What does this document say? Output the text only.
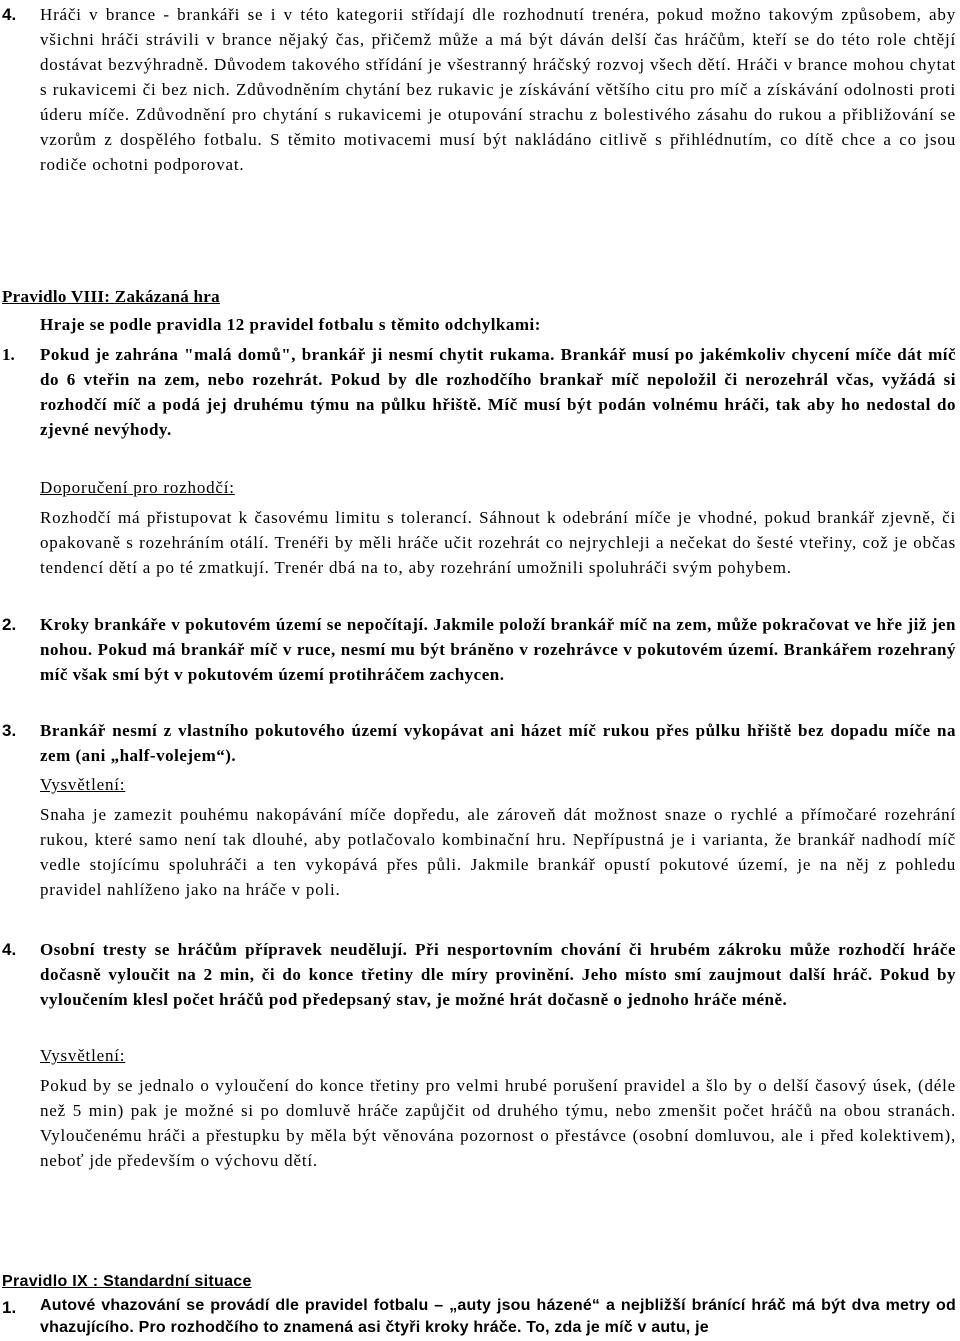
4. Hráči v brance - brankáři se i v této kategorii střídají dle rozhodnutí trenéra, pokud možno takovým způsobem, aby všichni hráči strávili v brance nějaký čas, přičemž může a má být dáván delší čas hráčům, kteří se do této role chtějí dostávat bezvýhradně. Důvodem takového střídání je všestranný hráčský rozvoj všech dětí. Hráči v brance mohou chytat s rukavicemi či bez nich. Zdůvodněním chytání bez rukavic je získávání většího citu pro míč a získávání odolnosti proti úderu míče. Zdůvodnění pro chytání s rukavicemi je otupování strachu z bolestivého zásahu do rukou a přibližování se vzorům z dospělého fotbalu. S těmito motivacemi musí být nakládáno citlivě s přihlédnutím, co dítě chce a co jsou rodiče ochotni podporovat.
Pravidlo VIII: Zakázaná hra
Hraje se podle pravidla 12 pravidel fotbalu s těmito odchylkami:
1. Pokud je zahrána "malá domů", brankář ji nesmí chytit rukama. Brankář musí po jakémkoliv chycení míče dát míč do 6 vteřin na zem, nebo rozehrát. Pokud by dle rozhodčího brankař míč nepoložil či nerozehrál včas, vyžádá si rozhodčí míč a podá jej druhému týmu na půlku hřiště. Míč musí být podán volnému hráči, tak aby ho nedostal do zjevné nevýhody.
Doporučení pro rozhodčí:
Rozhodčí má přistupovat k časovému limitu s tolerancí. Sáhnout k odebrání míče je vhodné, pokud brankář zjevně, či opakovaně s rozehráním otálí. Trenéři by měli hráče učit rozehrát co nejrychleji a nečekat do šesté vteřiny, což je občas tendencí dětí a po té zmatkují. Trenér dbá na to, aby rozehrání umožnili spoluhráči svým pohybem.
2. Kroky brankáře v pokutovém území se nepočítají. Jakmile položí brankář míč na zem, může pokračovat ve hře již jen nohou. Pokud má brankář míč v ruce, nesmí mu být bráněno v rozehrávce v pokutovém území. Brankářem rozehraný míč však smí být v pokutovém území protihráčem zachycen.
3. Brankář nesmí z vlastního pokutového území vykopávat ani házet míč rukou přes půlku hřiště bez dopadu míče na zem (ani „half-volejem“).
Vysvětlení:
Snaha je zamezit pouhému nakopávání míče dopředu, ale zároveň dát možnost snaze o rychlé a přímočaré rozehrání rukou, které samo není tak dlouhé, aby potlačovalo kombinační hru. Nepřípustná je i varianta, že brankář nadhodí míč vedle stojícímu spoluhráči a ten vykopává přes půli. Jakmile brankář opustí pokutové území, je na něj z pohledu pravidel nahlíženo jako na hráče v poli.
4. Osobní tresty se hráčům přípravek neudělují. Při nesportovním chování či hrubém zákroku může rozhodčí hráče dočasně vyloučit na 2 min, či do konce třetiny dle míry provinění. Jeho místo smí zaujmout další hráč. Pokud by vyloučením klesl počet hráčů pod předepsaný stav, je možné hrát dočasně o jednoho hráče méně.
Vysvětlení:
Pokud by se jednalo o vyloučení do konce třetiny pro velmi hrubé porušení pravidel a šlo by o delší časový úsek, (déle než 5 min) pak je možné si po domluvě hráče zapůjčit od druhého týmu, nebo zmenšit počet hráčů na obou stranách. Vyloučenému hráči a přestupku by měla být věnována pozornost o přestávce (osobní domluvou, ale i před kolektivem), neboť jde především o výchovu dětí.
Pravidlo IX : Standardní situace
1. Autové vhazování se provádí dle pravidel fotbalu – „auty jsou házené“ a nejbližší bránící hráč má být dva metry od vhazujícího. Pro rozhodčího to znamená asi čtyři kroky hráče. To, zda je míč v autu, je
